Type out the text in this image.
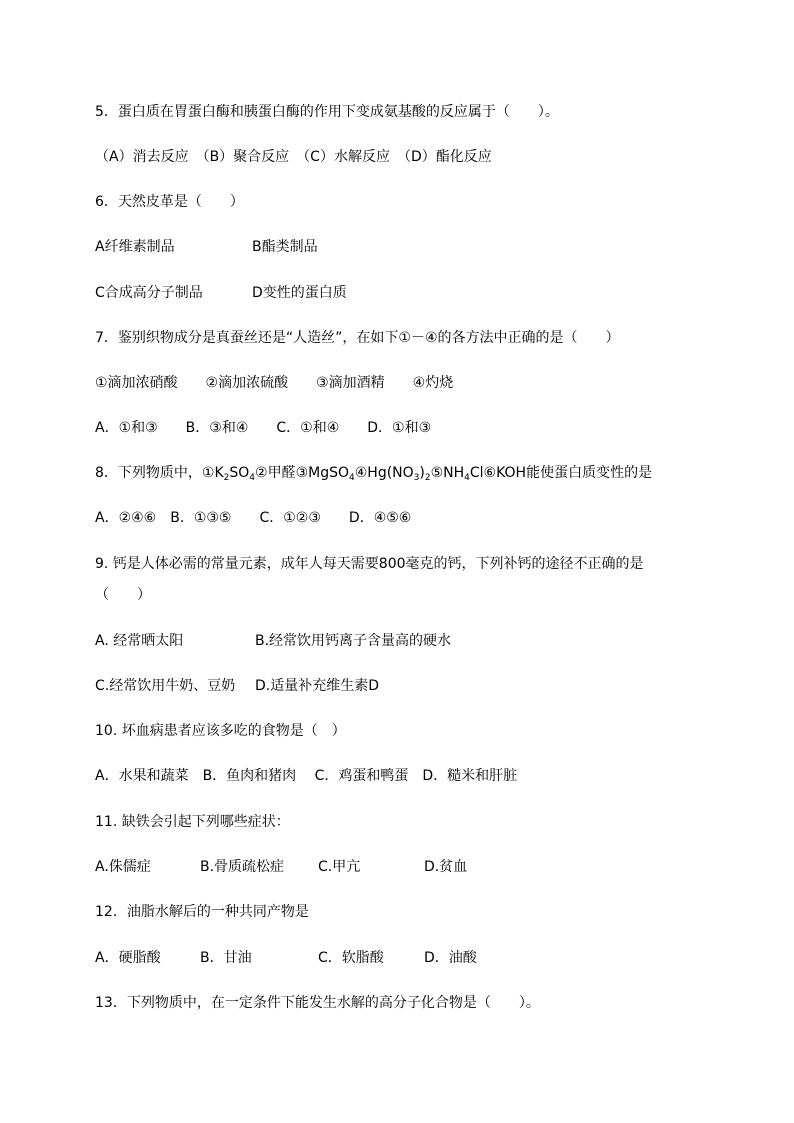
5．蛋白质在胃蛋白酶和胰蛋白酶的作用下变成氨基酸的反应属于（　　）。
（A）消去反应　（B）聚合反应　（C）水解反应　（D）酯化反应
6．天然皮革是（　　）
A纤维素制品	B酯类制品
C合成高分子制品	D变性的蛋白质
7．鉴别织物成分是真蚕丝还是“人造丝”，在如下①－④的各方法中正确的是（　　）
①滴加浓硝酸　　②滴加浓硫酸　　③滴加酒精　　④灼烧
A．①和③　　B．③和④　　C．①和④　　D．①和③
8．下列物质中，$①K_2SO_4②$甲醛$③MgSO_4④Hg(NO_3)_2⑤NH_4Cl⑥KOH$能使蛋白质变性的是
A．②④⑥　B．①③⑤　　C．①②③　　D．④⑤⑥
9. 钙是人体必需的常量元素，成年人每天需要800毫克的钙，下列补钙的途径不正确的是
（　　）
A. 经常晒太阳	B.经常饮用钙离子含量高的硬水
C.经常饮用牛奶、豆奶 D.适量补充维生素D
10. 坏血病患者应该多吃的食物是（　）
A．水果和蔬菜　B．鱼肉和猪肉　 C．鸡蛋和鸭蛋　D．糙米和肝脏
11. 缺铁会引起下列哪些症状：
A.侏儒症	B.骨质疏松症 C.甲亢	D.贫血
12．油脂水解后的一种共同产物是
A．硬脂酸	B．甘油	C．软脂酸	D．油酸
13．下列物质中，在一定条件下能发生水解的高分子化合物是（　　）。
